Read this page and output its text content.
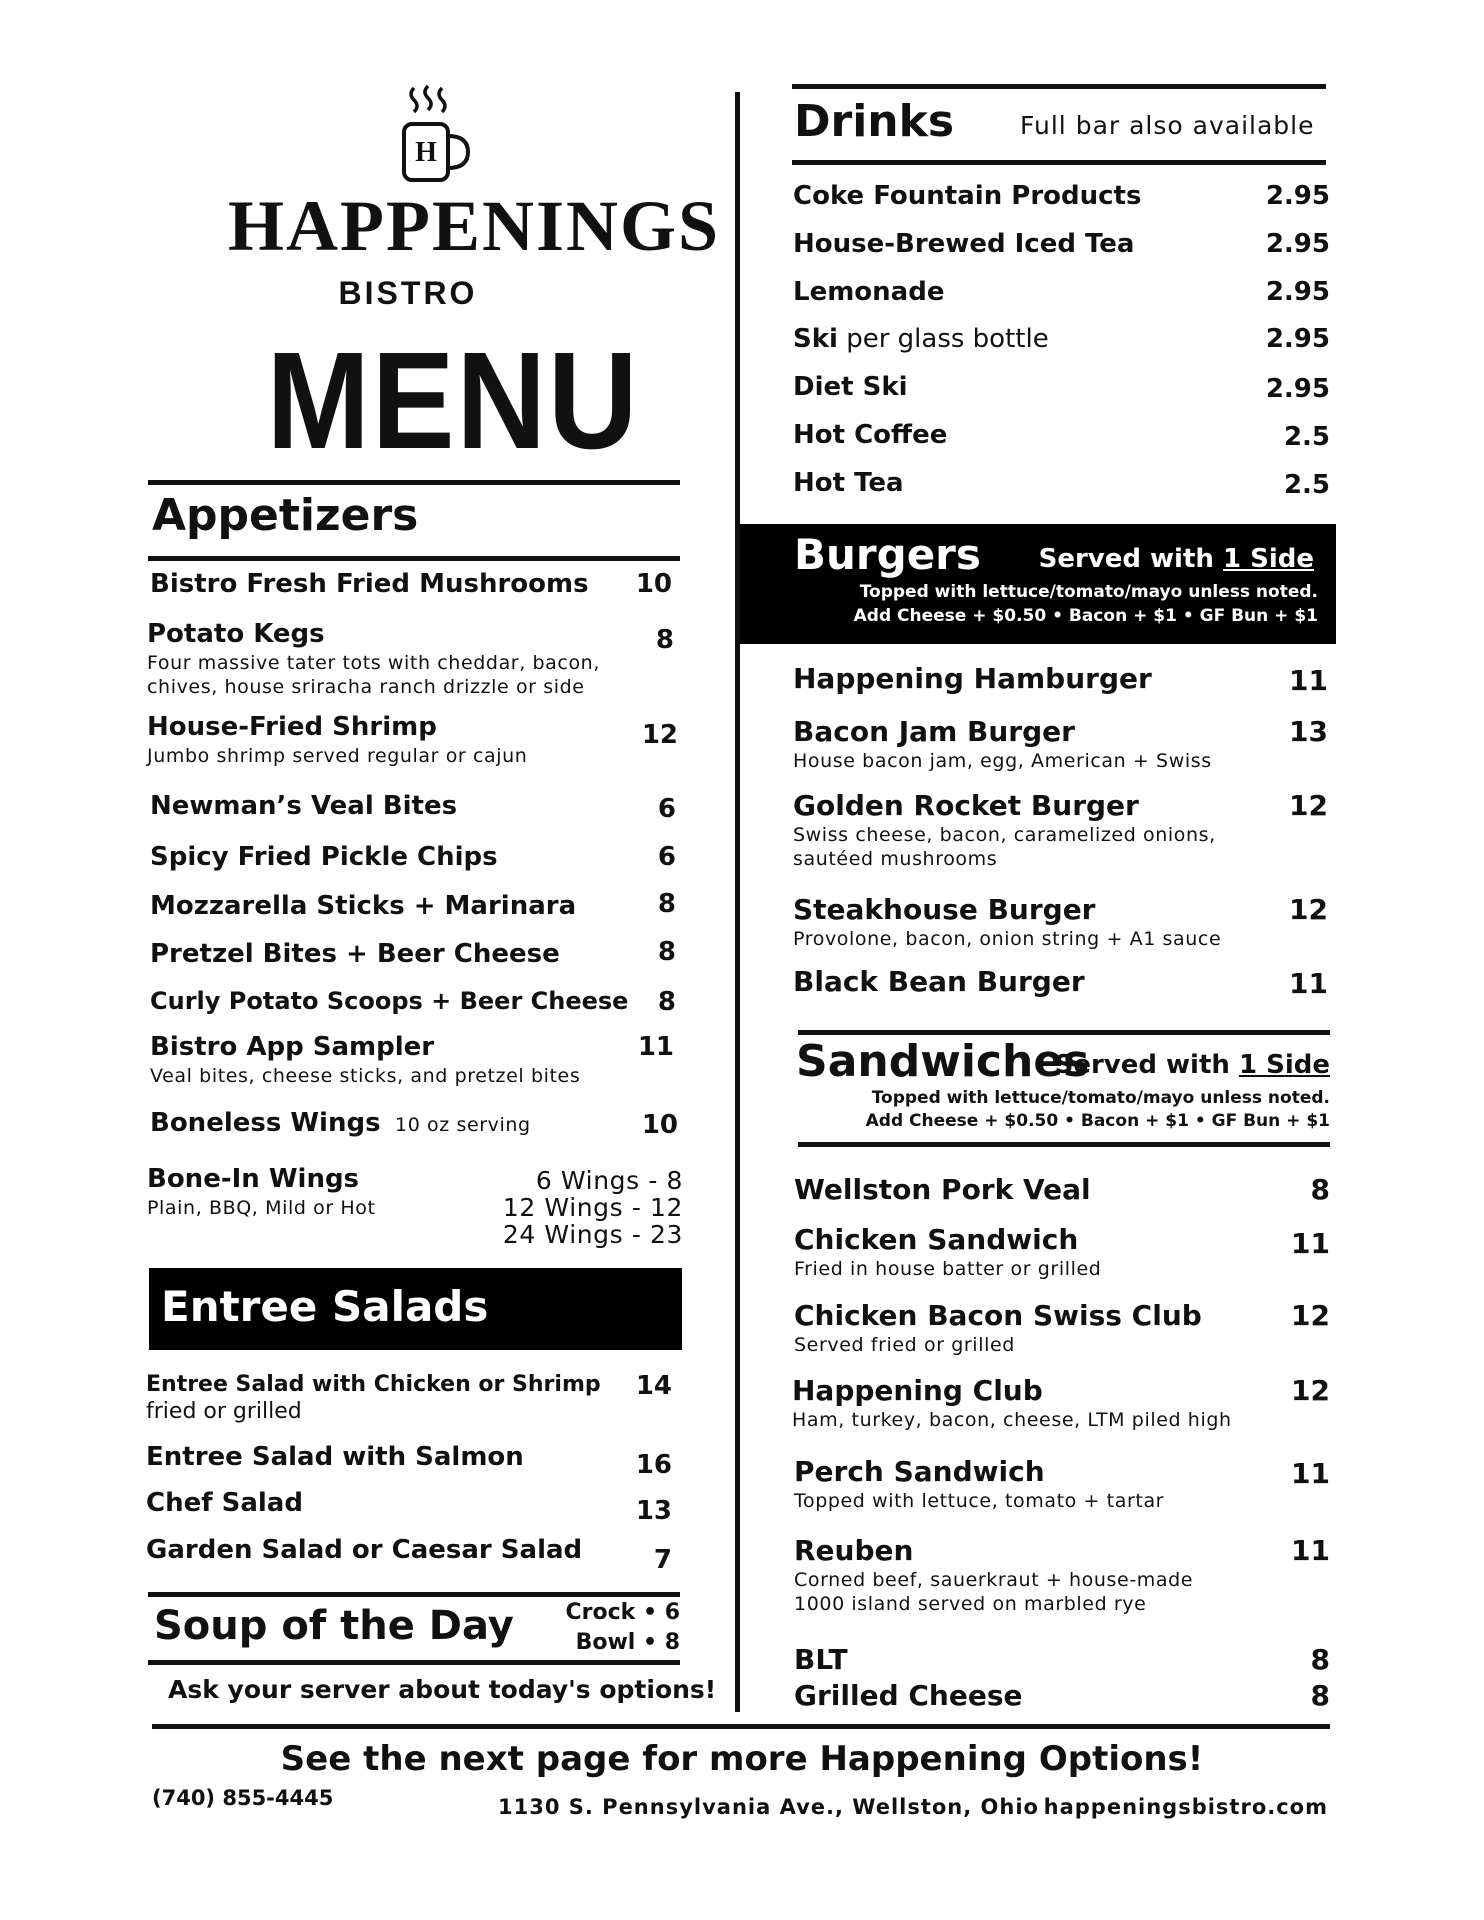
H
HAPPENINGS
BISTRO
MENU
Appetizers
Bistro Fresh Fried Mushrooms 10
Potato Kegs	8
Four massive tater tots with cheddar, bacon,
chives, house sriracha ranch drizzle or side
House-Fried Shrimp	12
Jumbo shrimp served regular or cajun
Newman’s Veal Bites	6
Spicy Fried Pickle Chips	6
Mozzarella Sticks + Marinara	8
Pretzel Bites + Beer Cheese	8
Curly Potato Scoops + Beer Cheese 8
Bistro App Sampler	11
Veal bites, cheese sticks, and pretzel bites
Boneless Wings 10 oz serving	10
Bone-In Wings
Plain, BBQ, Mild or Hot
6 Wings - 8
12 Wings - 12
24 Wings - 23
Entree Salads
Entree Salad with Chicken or Shrimp
fried or grilled
14
Entree Salad with Salmon	16
Chef Salad	13
Garden Salad or Caesar Salad	7
Soup of the Day	Crock • 6
Bowl • 8
Ask your server about today's options!
Drinks	Full bar also available
Coke Fountain Products	2.95
House-Brewed Iced Tea	2.95
Lemonade	2.95
Ski per glass bottle	2.95
Diet Ski	2.95
Hot Coffee	2.5
Hot Tea	2.5
Burgers Served with 1 Side
Topped with lettuce/tomato/mayo unless noted.
Add Cheese + $0.50 • Bacon + $1 • GF Bun + $1
Happening Hamburger	11
Bacon Jam Burger	13
House bacon jam, egg, American + Swiss
Golden Rocket Burger	12
Swiss cheese, bacon, caramelized onions,
sautéed mushrooms
Steakhouse Burger	12
Provolone, bacon, onion string + A1 sauce
Black Bean Burger	11
Sandwiches
Served with 1 Side
Topped with lettuce/tomato/mayo unless noted.
Add Cheese + $0.50 • Bacon + $1 • GF Bun + $1
Wellston Pork Veal	8
Chicken Sandwich	11
Fried in house batter or grilled
Chicken Bacon Swiss Club	12
Served fried or grilled
Happening Club	12
Ham, turkey, bacon, cheese, LTM piled high
Perch Sandwich	11
Topped with lettuce, tomato + tartar
Reuben	11
Corned beef, sauerkraut + house-made
1000 island served on marbled rye
BLT	8
Grilled Cheese	8
See the next page for more Happening Options!
(740) 855-4445	1130 S. Pennsylvania Ave., Wellston, Ohio happeningsbistro.com
